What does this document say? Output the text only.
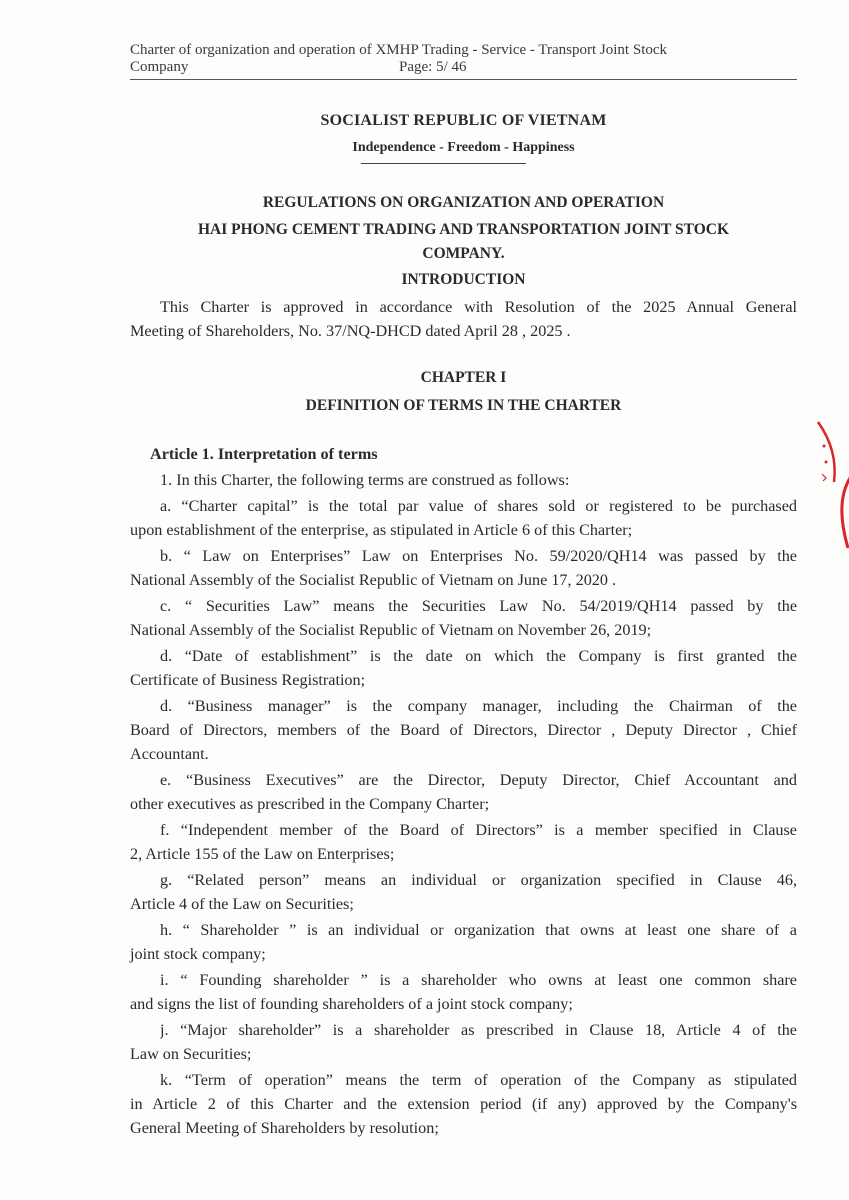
Charter of organization and operation of XMHP Trading - Service - Transport Joint Stock
Company	Page: 5/ 46
SOCIALIST REPUBLIC OF VIETNAM
Independence - Freedom - Happiness
REGULATIONS ON ORGANIZATION AND OPERATION
HAI PHONG CEMENT TRADING AND TRANSPORTATION JOINT STOCK
COMPANY.
INTRODUCTION
This Charter is approved in accordance with Resolution of the 2025 Annual General
Meeting of Shareholders, No. 37/NQ-DHCD dated April 28 , 2025 .
CHAPTER I
DEFINITION OF TERMS IN THE CHARTER
Article 1. Interpretation of terms
1. In this Charter, the following terms are construed as follows:
a. “Charter capital” is the total par value of shares sold or registered to be purchased
upon establishment of the enterprise, as stipulated in Article 6 of this Charter;
b. “ Law on Enterprises” Law on Enterprises No. 59/2020/QH14 was passed by the
National Assembly of the Socialist Republic of Vietnam on June 17, 2020 .
c. “ Securities Law” means the Securities Law No. 54/2019/QH14 passed by the
National Assembly of the Socialist Republic of Vietnam on November 26, 2019;
d. “Date of establishment” is the date on which the Company is first granted the
Certificate of Business Registration;
d. “Business manager” is the company manager, including the Chairman of the
Board of Directors, members of the Board of Directors, Director , Deputy Director , Chief
Accountant.
e. “Business Executives” are the Director, Deputy Director, Chief Accountant and
other executives as prescribed in the Company Charter;
f. “Independent member of the Board of Directors” is a member specified in Clause
2, Article 155 of the Law on Enterprises;
g. “Related person” means an individual or organization specified in Clause 46,
Article 4 of the Law on Securities;
h. “ Shareholder ” is an individual or organization that owns at least one share of a
joint stock company;
i. “ Founding shareholder ” is a shareholder who owns at least one common share
and signs the list of founding shareholders of a joint stock company;
j. “Major shareholder” is a shareholder as prescribed in Clause 18, Article 4 of the
Law on Securities;
k. “Term of operation” means the term of operation of the Company as stipulated
in Article 2 of this Charter and the extension period (if any) approved by the Company's
General Meeting of Shareholders by resolution;
